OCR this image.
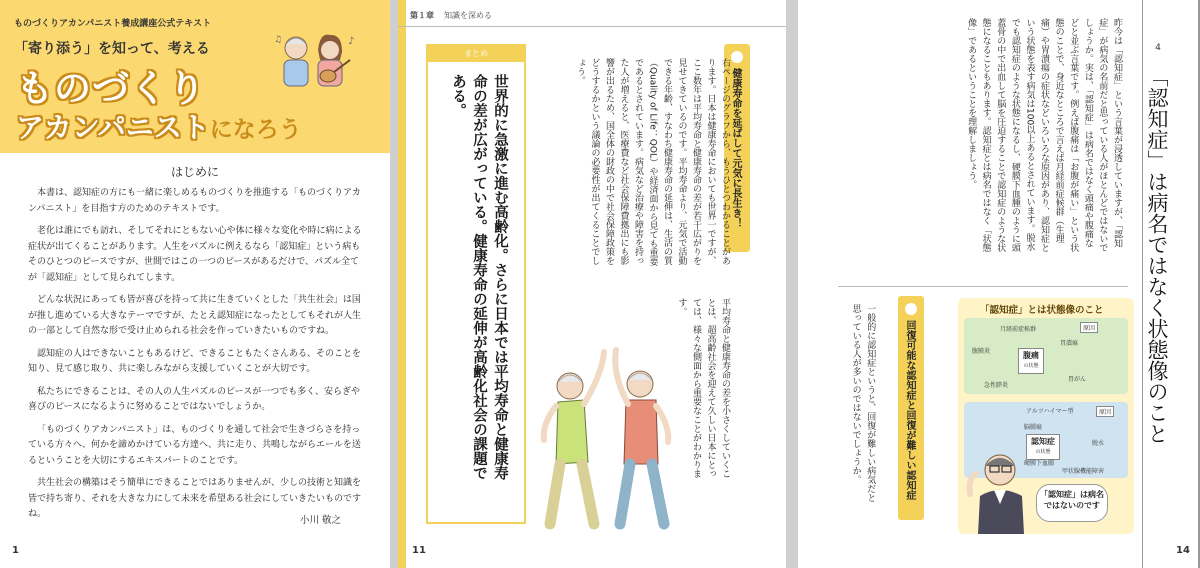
ものづくりアカンパニスト養成講座公式テキスト
「寄り添う」を知って、考える
ものづくり
アカンパニストになろう
♪
♫
はじめに

本書は、認知症の方にも一緒に楽しめるものづくりを推進する「ものづくりアカンパニスト」を目指す方のためのテキストです。

老化は誰にでも訪れ、そしてそれにともない心や体に様々な変化や時に病による症状が出てくることがあります。人生をパズルに例えるなら「認知症」という病もそのひとつのピースですが、世間ではこの一つのピースがあるだけで、パズル全てが「認知症」として見られてします。

どんな状況にあっても皆が喜びを持って共に生きていくとした「共生社会」は国が推し進めている大きなテーマですが、たとえ認知症になったとしてもそれが人生の一部として自然な形で受け止められる社会を作っていきたいものですね。

認知症の人はできないこともあるけど、できることもたくさんある、そのことを知り、見て感じ取り、共に楽しみながら支援していくことが大切です。

私たちにできることは、その人の人生パズルのピースが一つでも多く、安らぎや喜びのピースになるように努めることではないでしょうか。

「ものづくりアカンパニスト」は、ものづくりを通して社会で生きづらさを持っている方々へ、何かを諦めかけている方達へ、共に走り、共鳴しながらエールを送るということを大切にするエキスパートのことです。

共生社会の構築はそう簡単にできることではありませんが、少しの技術と知識を皆で持ち寄り、それを大きな力にして未来を希望ある社会にしていきたいものですね。

小川 敬之
1
第１章 知識を深める
まとめ
世界的に急激に進む高齢化。さらに日本では平均寿命と健康寿命の差が広がっている。健康寿命の延伸が高齢化社会の課題である。	健康寿命を延ばして元気に長生き！
右ページのグラフから、もうひとつわかることがあります。日本は健康寿命においても世界一ですが、ここ数年は平均寿命と健康寿命の差が若干広がりを見せてきているのです。平均寿命より、元気で活動できる年齢、すなわち健康寿命の延伸は、生活の質（Quality of Life：QOL）や経済面から見ても重要であるとされています。病気など治療や障害を持った人が増えると、医療費など社会保障費拠出にも影響が出るため、国全体の財政の中で社会保障政策をどうするかという議論の必要性が出てくることでしょう。
平均寿命と健康寿命の差を小さくしていくことは、超高齢社会を迎えて久しい日本にとっては、様々な側面から重要なことがわかります。
11
4
「認知症」は病名ではなく状態像のこと
昨今は「認知症」という言葉が浸透していますが、「認知症」が病気の名前だと思っている人がほとんどではないでしょうか。実は、「認知症」は病名ではなく頭痛や腹痛などと並ぶ言葉です。例えば腹痛は「お腹が痛い」という状態のことで、身近なところで言えば月経前症候群（生理痛）や胃潰瘍の症状などいろいろな原因があり、認知症という状態を表す病気は100以上あるとされています。脱水でも認知症のような状態になるし、硬膜下血腫のように頭蓋骨の中で出血して脳を圧迫することで認知症のような状態になることもあります。認知症とは病名ではなく「状態像」であるということを理解しましょう。
回復可能な認知症と回復が難しい認知症
一般的に認知症というと、回復が難しい病気だと思っている人が多いのではないでしょうか。	「認知症」とは状態像のこと
原因
腹痛
の状態
月経前症候群
胃潰瘍
腹膜炎
胃がん
急性膵炎
原因
認知症
の状態
アルツハイマー型
脳腫瘍
脱水
硬膜下血腫
甲状腺機能障害
「認知症」は病名ではないのです
14
